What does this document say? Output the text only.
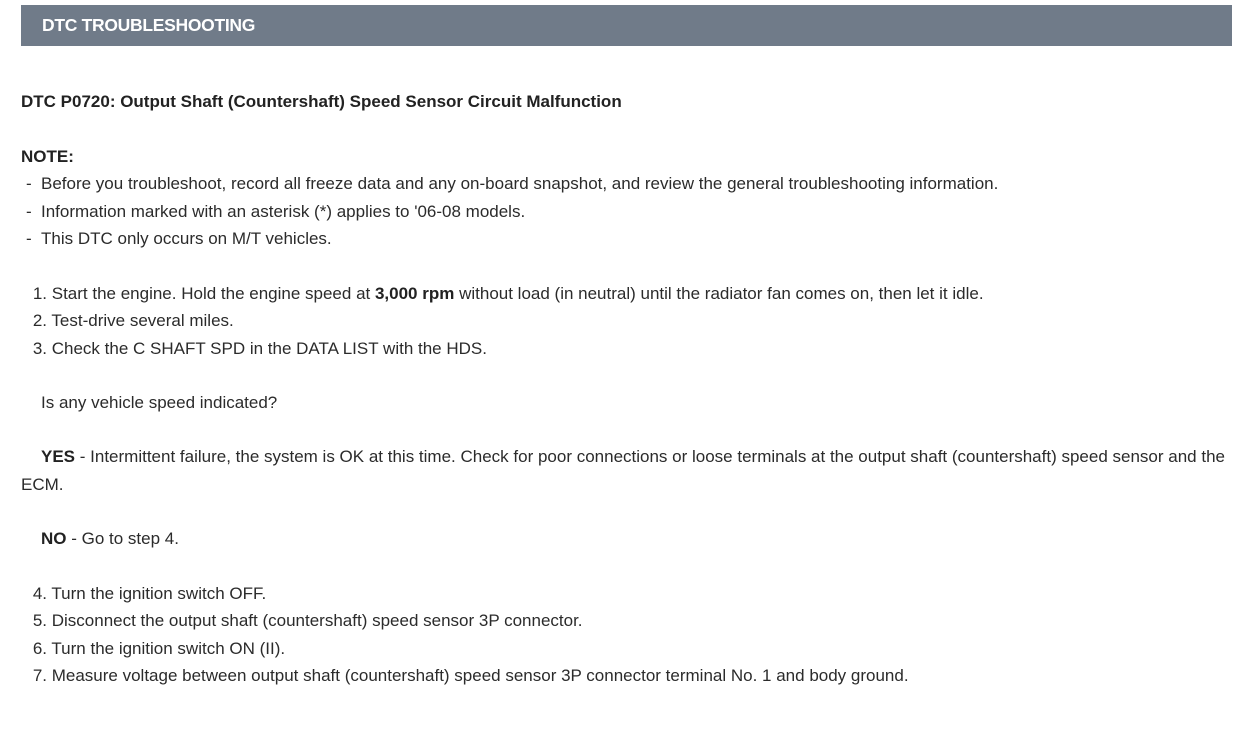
DTC TROUBLESHOOTING

DTC P0720: Output Shaft (Countershaft) Speed Sensor Circuit Malfunction

NOTE:
- Before you troubleshoot, record all freeze data and any on-board snapshot, and review the general troubleshooting information.
- Information marked with an asterisk (*) applies to '06-08 models.
- This DTC only occurs on M/T vehicles.
1. Start the engine. Hold the engine speed at 3,000 rpm without load (in neutral) until the radiator fan comes on, then let it idle.
2. Test-drive several miles.
3. Check the C SHAFT SPD in the DATA LIST with the HDS.
Is any vehicle speed indicated?
YES - Intermittent failure, the system is OK at this time. Check for poor connections or loose terminals at the output shaft (countershaft) speed sensor and the ECM.
NO - Go to step 4.
4. Turn the ignition switch OFF.
5. Disconnect the output shaft (countershaft) speed sensor 3P connector.
6. Turn the ignition switch ON (II).
7. Measure voltage between output shaft (countershaft) speed sensor 3P connector terminal No. 1 and body ground.
